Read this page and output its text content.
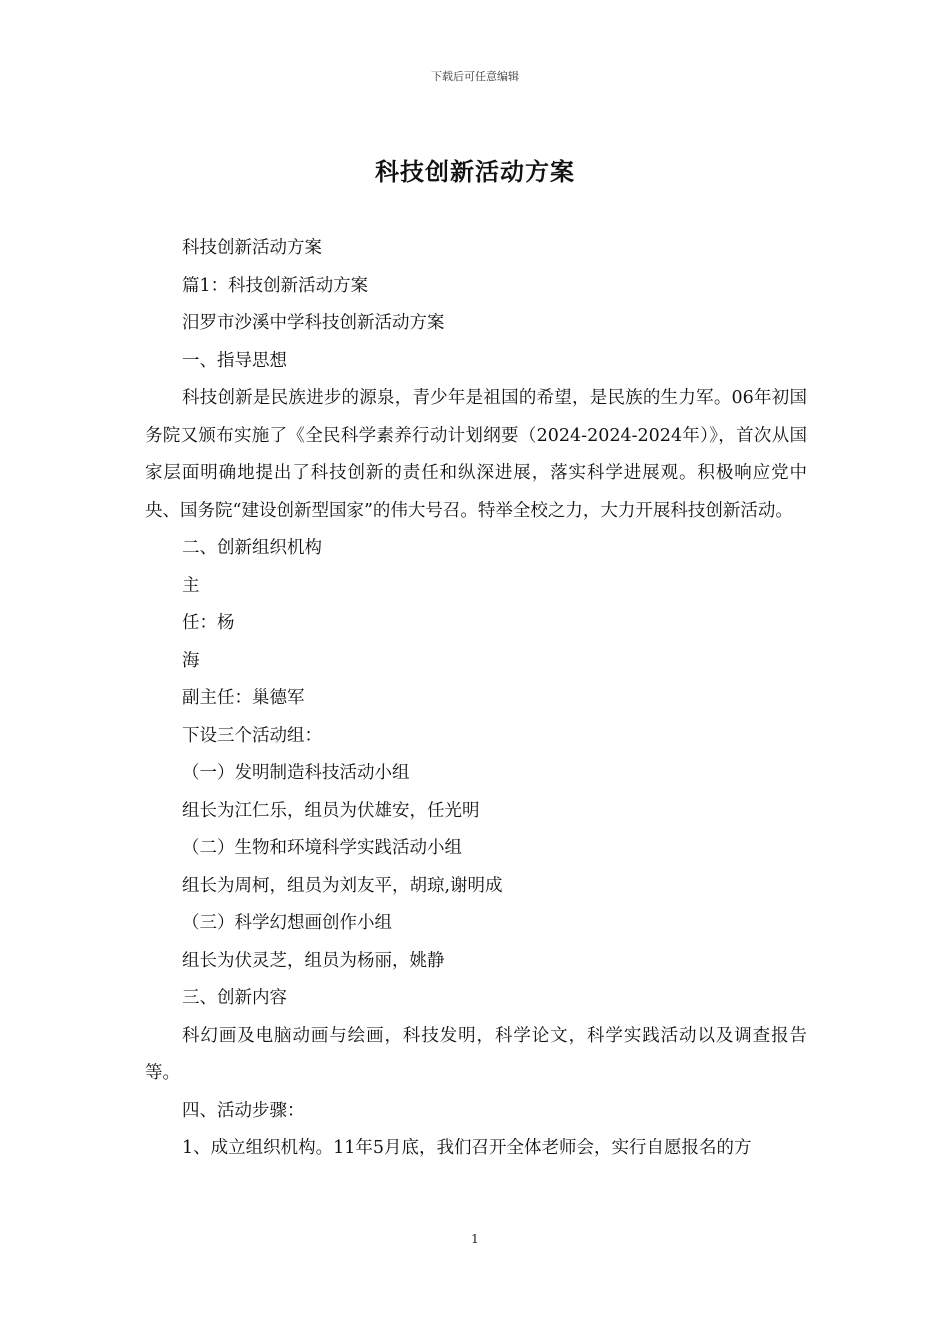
下载后可任意编辑
科技创新活动方案

科技创新活动方案

篇1：科技创新活动方案

汨罗市沙溪中学科技创新活动方案

一、指导思想

科技创新是民族进步的源泉，青少年是祖国的希望，是民族的生力军。06年初国务院又颁布实施了《全民科学素养行动计划纲要（2024-2024-2024年）》，首次从国家层面明确地提出了科技创新的责任和纵深进展，落实科学进展观。积极响应党中央、国务院“建设创新型国家”的伟大号召。特举全校之力，大力开展科技创新活动。

二、创新组织机构

主

任：杨

海

副主任：巢德军

下设三个活动组：

（一）发明制造科技活动小组

组长为江仁乐，组员为伏雄安，任光明

（二）生物和环境科学实践活动小组

组长为周柯，组员为刘友平，胡琼,谢明成

（三）科学幻想画创作小组

组长为伏灵芝，组员为杨丽，姚静

三、创新内容

科幻画及电脑动画与绘画，科技发明，科学论文，科学实践活动以及调查报告等。

四、活动步骤：

1、成立组织机构。11年5月底，我们召开全体老师会，实行自愿报名的方

1
